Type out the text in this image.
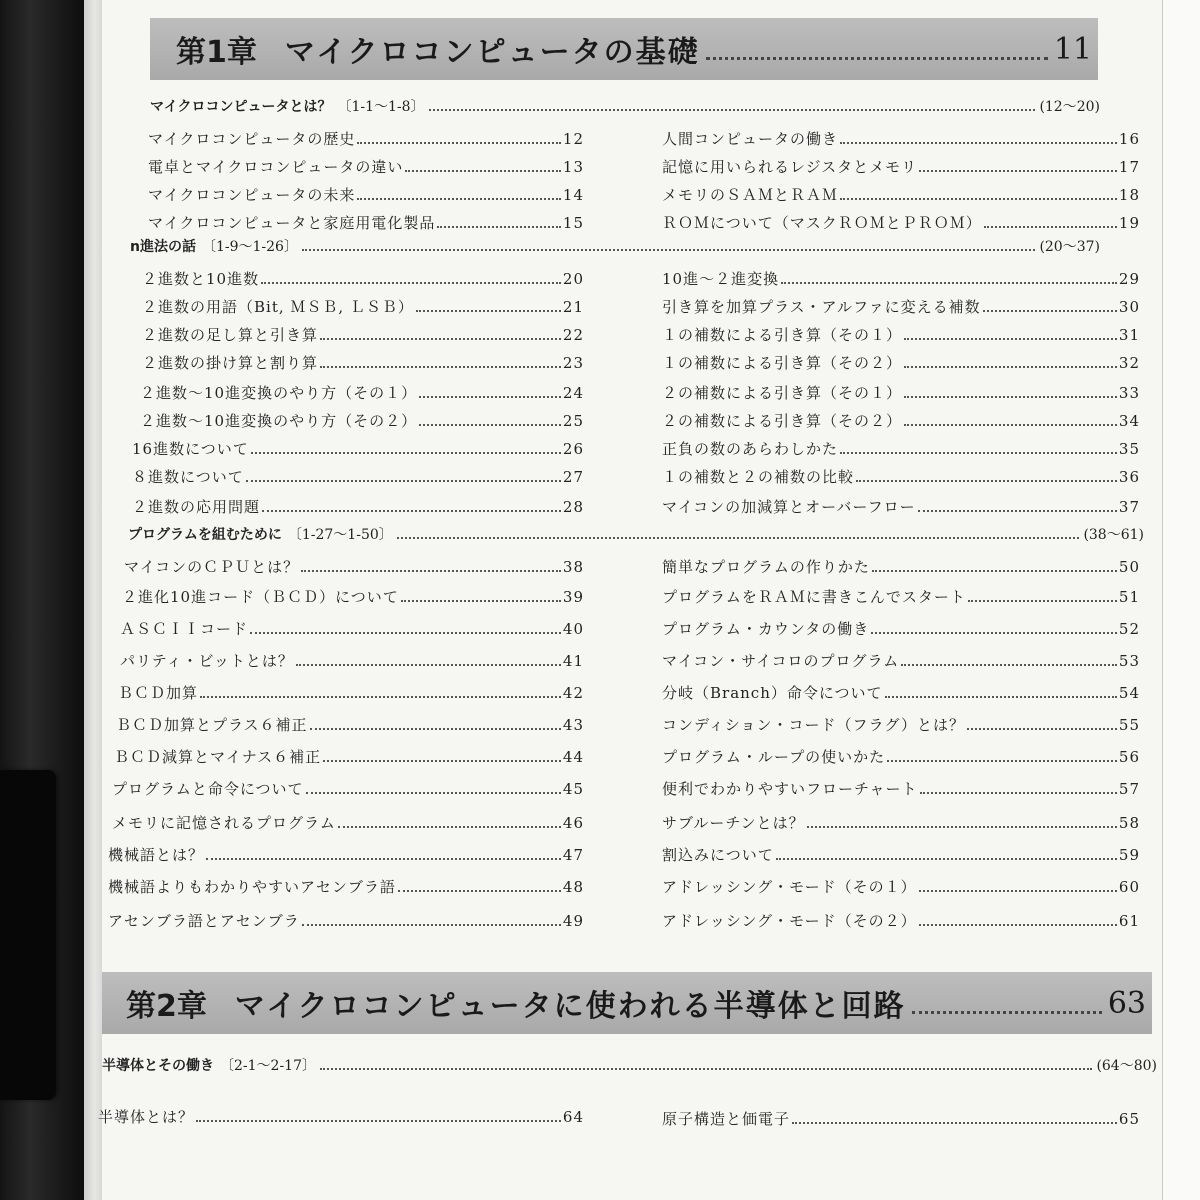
第1章 マイクロコンピュータの基礎	11
マイクロコンピュータとは？ 〔1-1～1-8〕	(12～20)
n進法の話 〔1-9～1-26〕	(20～37)
プログラムを組むために 〔1-27～1-50〕	(38～61)
第2章 マイクロコンピュータに使われる半導体と回路	63
半導体とその働き 〔2-1～2-17〕	(64～80)
マイクロコンピュータの歴史	12
電卓とマイクロコンピュータの違い	13
マイクロコンピュータの未来	14
マイクロコンピュータと家庭用電化製品	15
２進数と10進数	20
２進数の用語（Bit, ＭＳＢ, ＬＳＢ）	21
２進数の足し算と引き算	22
２進数の掛け算と割り算	23
２進数～10進変換のやり方（その１）	24
２進数～10進変換のやり方（その２）	25
16進数について	26
８進数について	27
２進数の応用問題	28
マイコンのＣＰＵとは？	38
２進化10進コード（ＢＣＤ）について	39
ＡＳＣＩＩコード	40
パリティ・ビットとは？	41
ＢＣＤ加算	42
ＢＣＤ加算とプラス６補正	43
ＢＣＤ減算とマイナス６補正	44
プログラムと命令について	45
メモリに記憶されるプログラム	46
機械語とは？	47
機械語よりもわかりやすいアセンブラ語	48
アセンブラ語とアセンブラ	49
半導体とは？	64
人間コンピュータの働き	16
記憶に用いられるレジスタとメモリ	17
メモリのＳＡＭとＲＡＭ	18
ＲＯＭについて（マスクＲＯＭとＰＲＯＭ）	19
10進～２進変換	29
引き算を加算プラス・アルファに変える補数	30
１の補数による引き算（その１）	31
１の補数による引き算（その２）	32
２の補数による引き算（その１）	33
２の補数による引き算（その２）	34
正負の数のあらわしかた	35
１の補数と２の補数の比較	36
マイコンの加減算とオーバーフロー	37
簡単なプログラムの作りかた	50
プログラムをＲＡＭに書きこんでスタート	51
プログラム・カウンタの働き	52
マイコン・サイコロのプログラム	53
分岐（Branch）命令について	54
コンディション・コード（フラグ）とは？	55
プログラム・ループの使いかた	56
便利でわかりやすいフローチャート	57
サブルーチンとは？	58
割込みについて	59
アドレッシング・モード（その１）	60
アドレッシング・モード（その２）	61
原子構造と価電子	65
